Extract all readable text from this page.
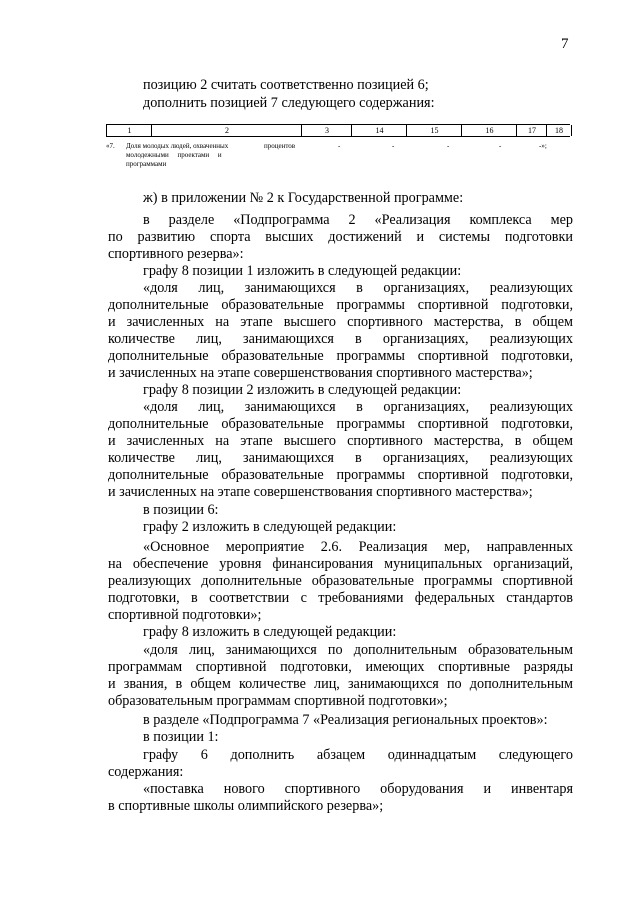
7
позицию 2 считать соответственно позицией 6;
дополнить позицией 7 следующего содержания:
1	2	3	14	15	16	17	18
«7. Доля молодых людей, охваченных
молодежными     проектами     и
программами
процентов	-	-	-	-	-»;
ж) в приложении № 2 к Государственной программе:
в разделе «Подпрограмма 2 «Реализация комплекса мер
по развитию спорта высших достижений и системы подготовки
спортивного резерва»:
графу 8 позиции 1 изложить в следующей редакции:
«доля лиц, занимающихся в организациях, реализующих
дополнительные образовательные программы спортивной подготовки,
и зачисленных на этапе высшего спортивного мастерства, в общем
количестве лиц, занимающихся в организациях, реализующих
дополнительные образовательные программы спортивной подготовки,
и зачисленных на этапе совершенствования спортивного мастерства»;
графу 8 позиции 2 изложить в следующей редакции:
«доля лиц, занимающихся в организациях, реализующих
дополнительные образовательные программы спортивной подготовки,
и зачисленных на этапе высшего спортивного мастерства, в общем
количестве лиц, занимающихся в организациях, реализующих
дополнительные образовательные программы спортивной подготовки,
и зачисленных на этапе совершенствования спортивного мастерства»;
в позиции 6:
графу 2 изложить в следующей редакции:
«Основное мероприятие 2.6. Реализация мер, направленных
на обеспечение уровня финансирования муниципальных организаций,
реализующих дополнительные образовательные программы спортивной
подготовки, в соответствии с требованиями федеральных стандартов
спортивной подготовки»;
графу 8 изложить в следующей редакции:
«доля лиц, занимающихся по дополнительным образовательным
программам спортивной подготовки, имеющих спортивные разряды
и звания, в общем количестве лиц, занимающихся по дополнительным
образовательным программам спортивной подготовки»;
в разделе «Подпрограмма 7 «Реализация региональных проектов»:
в позиции 1:
графу 6 дополнить абзацем одиннадцатым следующего
содержания:
«поставка нового спортивного оборудования и инвентаря
в спортивные школы олимпийского резерва»;
